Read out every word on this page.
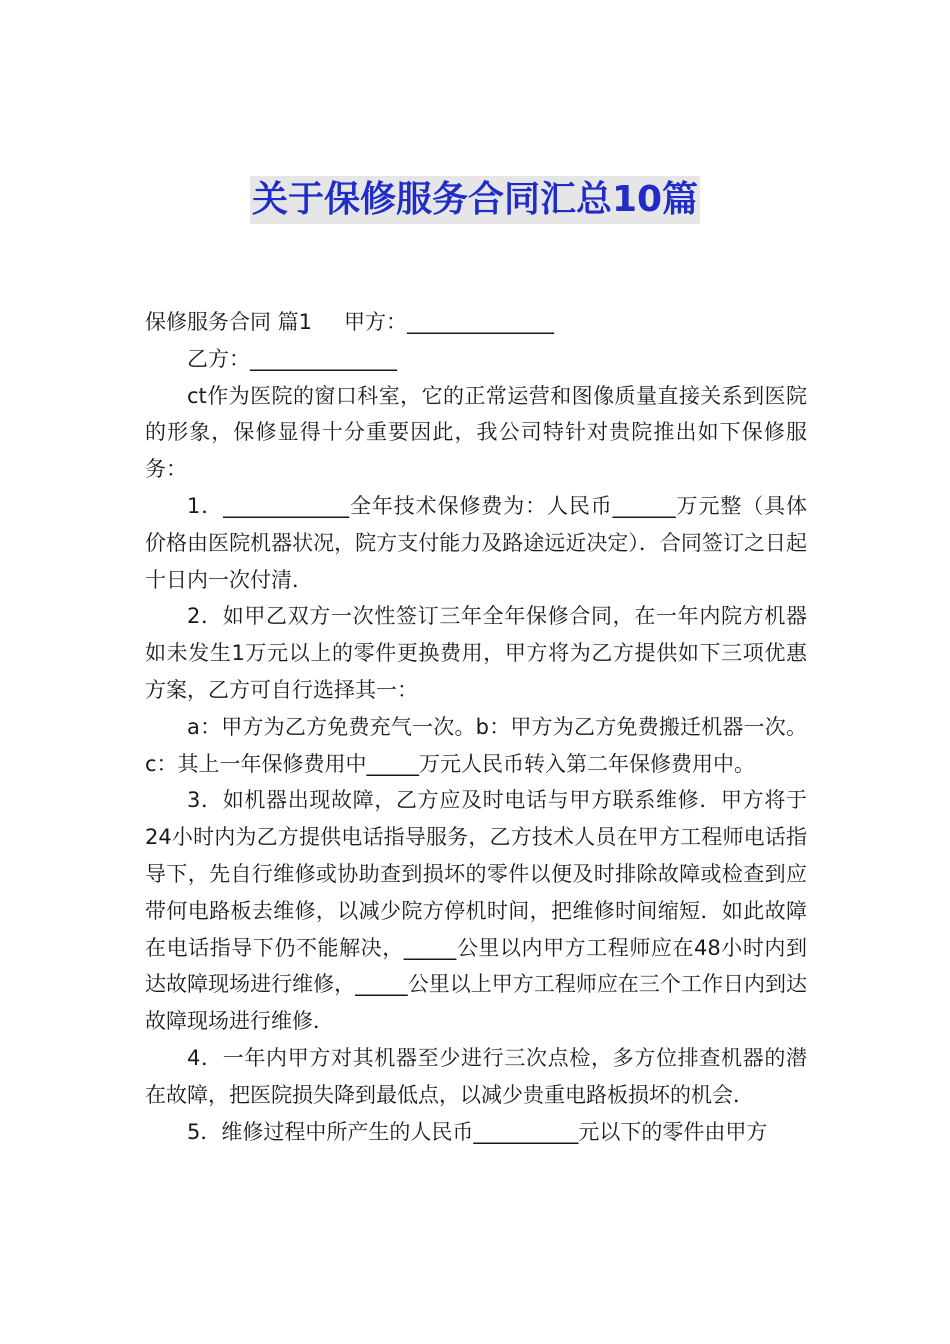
关于保修服务合同汇总10篇

保修服务合同 篇1 甲方：______________

乙方：______________

ct作为医院的窗口科室，它的正常运营和图像质量直接关系到医院的形象，保修显得十分重要因此，我公司特针对贵院推出如下保修服务：

1．____________全年技术保修费为：人民币______万元整（具体价格由医院机器状况，院方支付能力及路途远近决定）．合同签订之日起十日内一次付清．

2．如甲乙双方一次性签订三年全年保修合同，在一年内院方机器如未发生1万元以上的零件更换费用，甲方将为乙方提供如下三项优惠方案，乙方可自行选择其一：

a：甲方为乙方免费充气一次。b：甲方为乙方免费搬迁机器一次。c：其上一年保修费用中_____万元人民币转入第二年保修费用中。

3．如机器出现故障，乙方应及时电话与甲方联系维修．甲方将于24小时内为乙方提供电话指导服务，乙方技术人员在甲方工程师电话指导下，先自行维修或协助查到损坏的零件以便及时排除故障或检查到应带何电路板去维修，以减少院方停机时间，把维修时间缩短．如此故障在电话指导下仍不能解决，_____公里以内甲方工程师应在48小时内到达故障现场进行维修，_____公里以上甲方工程师应在三个工作日内到达故障现场进行维修．

4．一年内甲方对其机器至少进行三次点检，多方位排查机器的潜在故障，把医院损失降到最低点，以减少贵重电路板损坏的机会．

5．维修过程中所产生的人民币__________元以下的零件由甲方
